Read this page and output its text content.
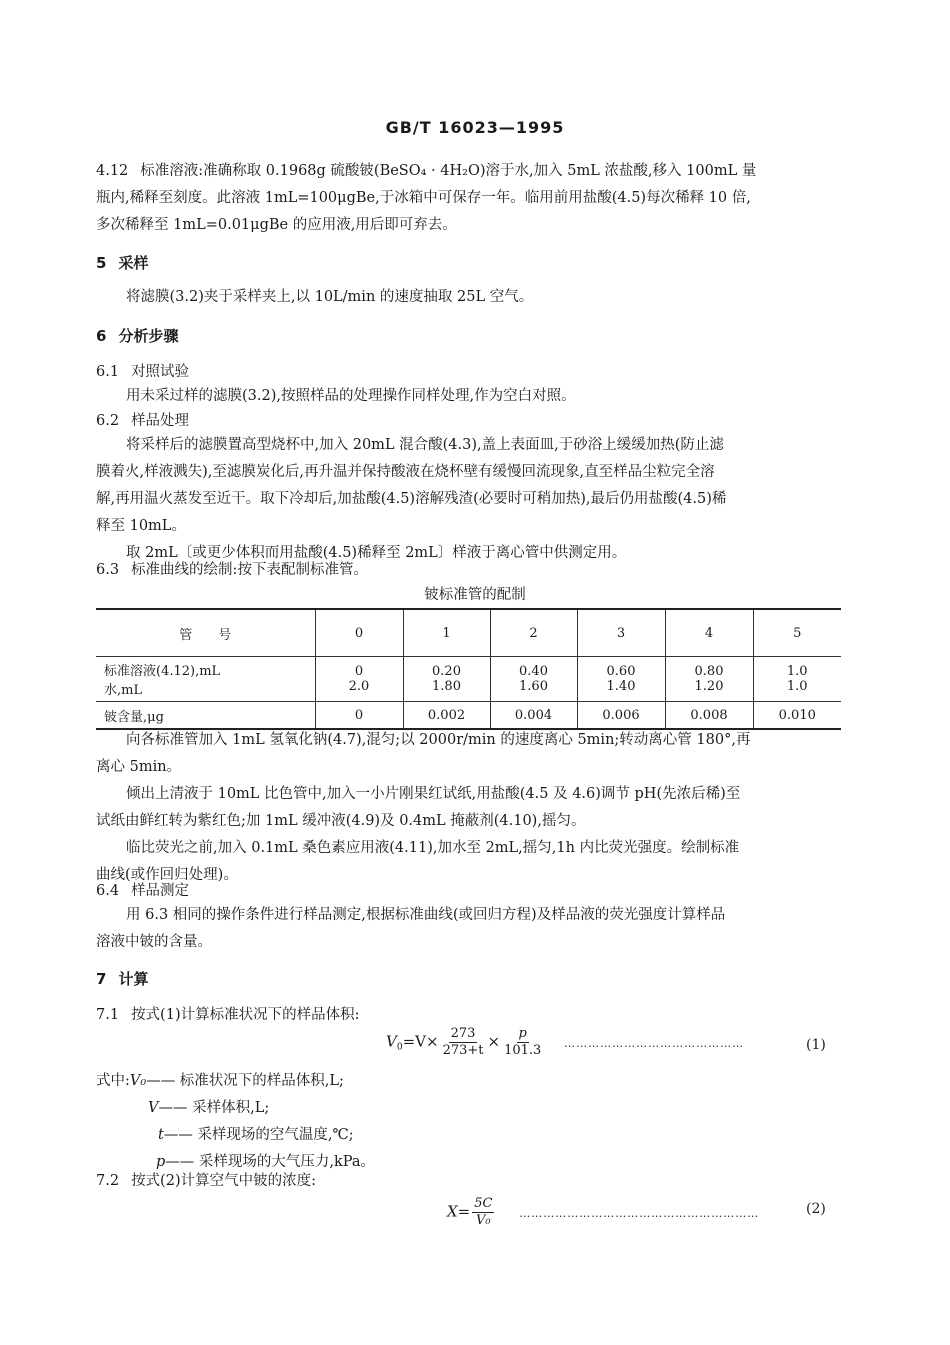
GB/T 16023—1995
4.12 标准溶液:准确称取 0.1968g 硫酸铍(BeSO₄ · 4H₂O)溶于水,加入 5mL 浓盐酸,移入 100mL 量
瓶内,稀释至刻度。此溶液 1mL=100μgBe,于冰箱中可保存一年。临用前用盐酸(4.5)每次稀释 10 倍,
多次稀释至 1mL=0.01μgBe 的应用液,用后即可弃去。
5 采样
将滤膜(3.2)夹于采样夹上,以 10L/min 的速度抽取 25L 空气。
6 分析步骤
6.1 对照试验
用未采过样的滤膜(3.2),按照样品的处理操作同样处理,作为空白对照。
6.2 样品处理
将采样后的滤膜置高型烧杯中,加入 20mL 混合酸(4.3),盖上表面皿,于砂浴上缓缓加热(防止滤
膜着火,样液溅失),至滤膜炭化后,再升温并保持酸液在烧杯壁有缓慢回流现象,直至样品尘粒完全溶
解,再用温火蒸发至近干。取下冷却后,加盐酸(4.5)溶解残渣(必要时可稍加热),最后仍用盐酸(4.5)稀
释至 10mL。
取 2mL〔或更少体积而用盐酸(4.5)稀释至 2mL〕样液于离心管中供测定用。
6.3 标准曲线的绘制:按下表配制标准管。
铍标准管的配制
管　　号	0	1	2	3	4	5
标准溶液(4.12),mL	0	0.20	0.40	0.60	0.80	1.0
水,mL	2.0	1.80	1.60	1.40	1.20	1.0
铍含量,μg	0	0.002	0.004	0.006	0.008	0.010
向各标准管加入 1mL 氢氧化钠(4.7),混匀;以 2000r/min 的速度离心 5min;转动离心管 180°,再
离心 5min。
倾出上清液于 10mL 比色管中,加入一小片刚果红试纸,用盐酸(4.5 及 4.6)调节 pH(先浓后稀)至
试纸由鲜红转为紫红色;加 1mL 缓冲液(4.9)及 0.4mL 掩蔽剂(4.10),摇匀。
临比荧光之前,加入 0.1mL 桑色素应用液(4.11),加水至 2mL,摇匀,1h 内比荧光强度。绘制标准
曲线(或作回归处理)。
6.4 样品测定
用 6.3 相同的操作条件进行样品测定,根据标准曲线(或回归方程)及样品液的荧光强度计算样品
溶液中铍的含量。
7 计算
7.1 按式(1)计算标准状况下的样品体积:
$V_0=V\times \frac{273}{273+t} \times \frac{p}{101.3}$ ………………………………………	(1)
式中:V₀—— 标准状况下的样品体积,L;
V—— 采样体积,L;
t—— 采样现场的空气温度,℃;
p—— 采样现场的大气压力,kPa。
7.2 按式(2)计算空气中铍的浓度:
$X= \frac{5C}{\text{V₀}}$ ……………………………………………………	(2)
